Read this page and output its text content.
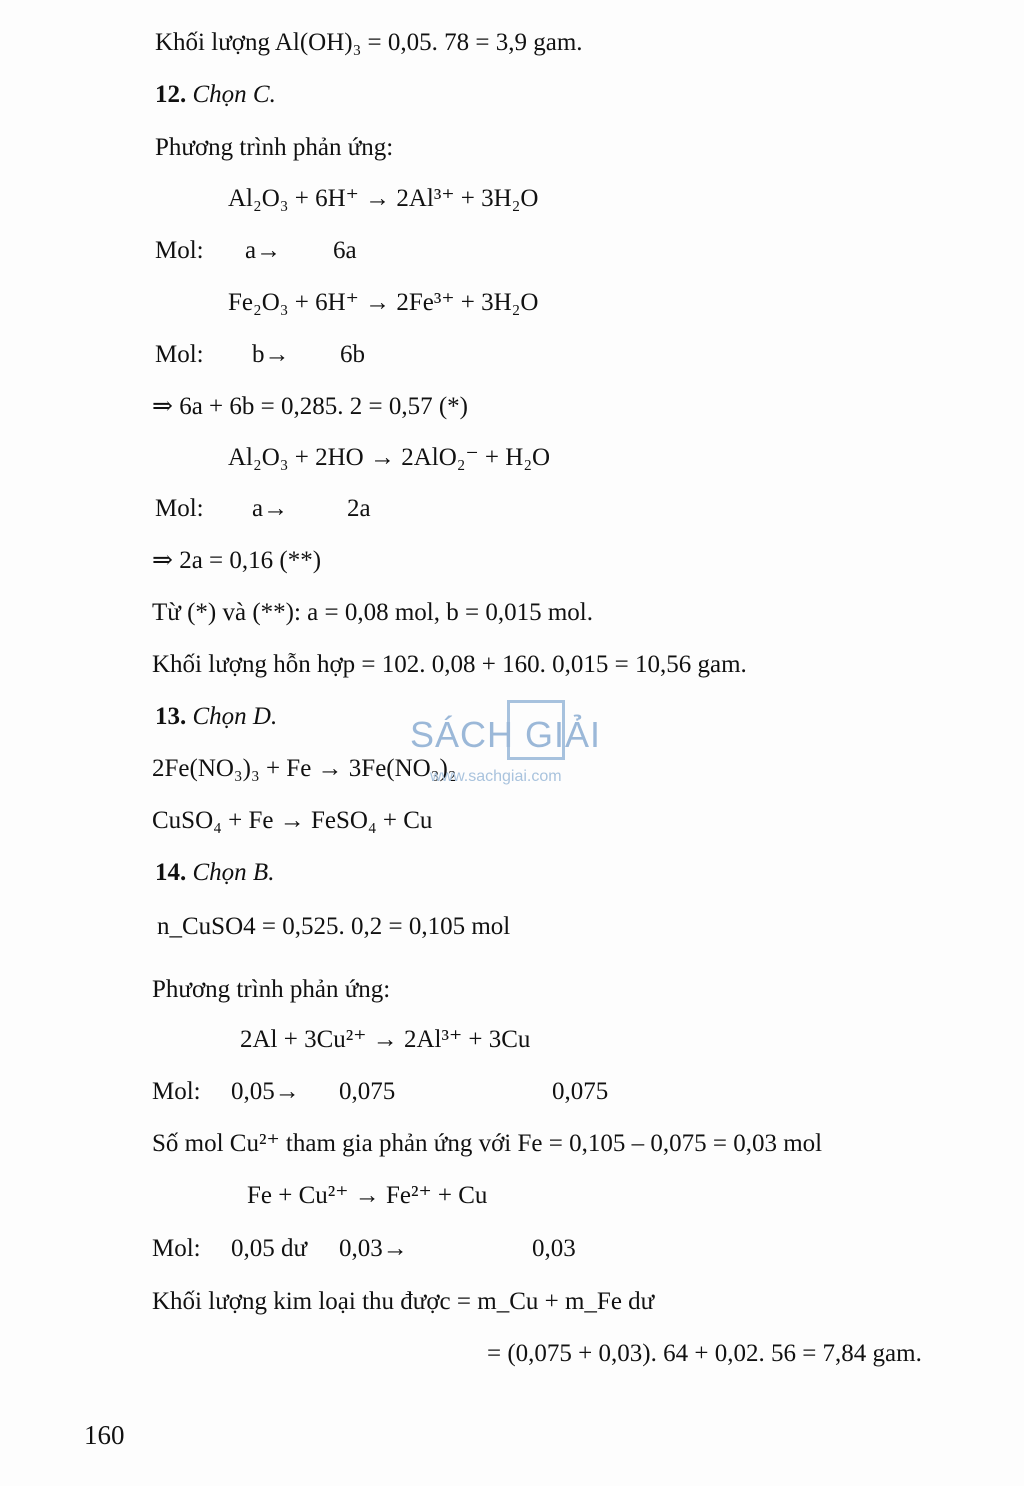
Khối lượng Al(OH)₃ = 0,05. 78 = 3,9 gam.
12. Chọn C.
Phương trình phản ứng:
Al₂O₃ + 6H⁺ → 2Al³⁺ + 3H₂O
Mol: a→ 6a
Fe₂O₃ + 6H⁺ → 2Fe³⁺ + 3H₂O
Mol: b→ 6b
⇒ 6a + 6b = 0,285. 2 = 0,57 (*)
Al₂O₃ + 2HO → 2AlO₂⁻ + H₂O
Mol: a→ 2a
⇒ 2a = 0,16 (**)
Từ (*) và (**): a = 0,08 mol, b = 0,015 mol.
Khối lượng hỗn hợp = 102. 0,08 + 160. 0,015 = 10,56 gam.
13. Chọn D.
2Fe(NO₃)₃ + Fe → 3Fe(NO₃)₂
CuSO₄ + Fe → FeSO₄ + Cu
14. Chọn B.
n_CuSO4 = 0,525. 0,2 = 0,105 mol
Phương trình phản ứng:
2Al + 3Cu²⁺ → 2Al³⁺ + 3Cu
Mol: 0,05→ 0,075	0,075
Số mol Cu²⁺ tham gia phản ứng với Fe = 0,105 – 0,075 = 0,03 mol
Fe + Cu²⁺ → Fe²⁺ + Cu
Mol: 0,05 dư 0,03→	0,03
Khối lượng kim loại thu được = m_Cu + m_Fe dư
= (0,075 + 0,03). 64 + 0,02. 56 = 7,84 gam.
SÁCH GIẢI
www.sachgiai.com
160
